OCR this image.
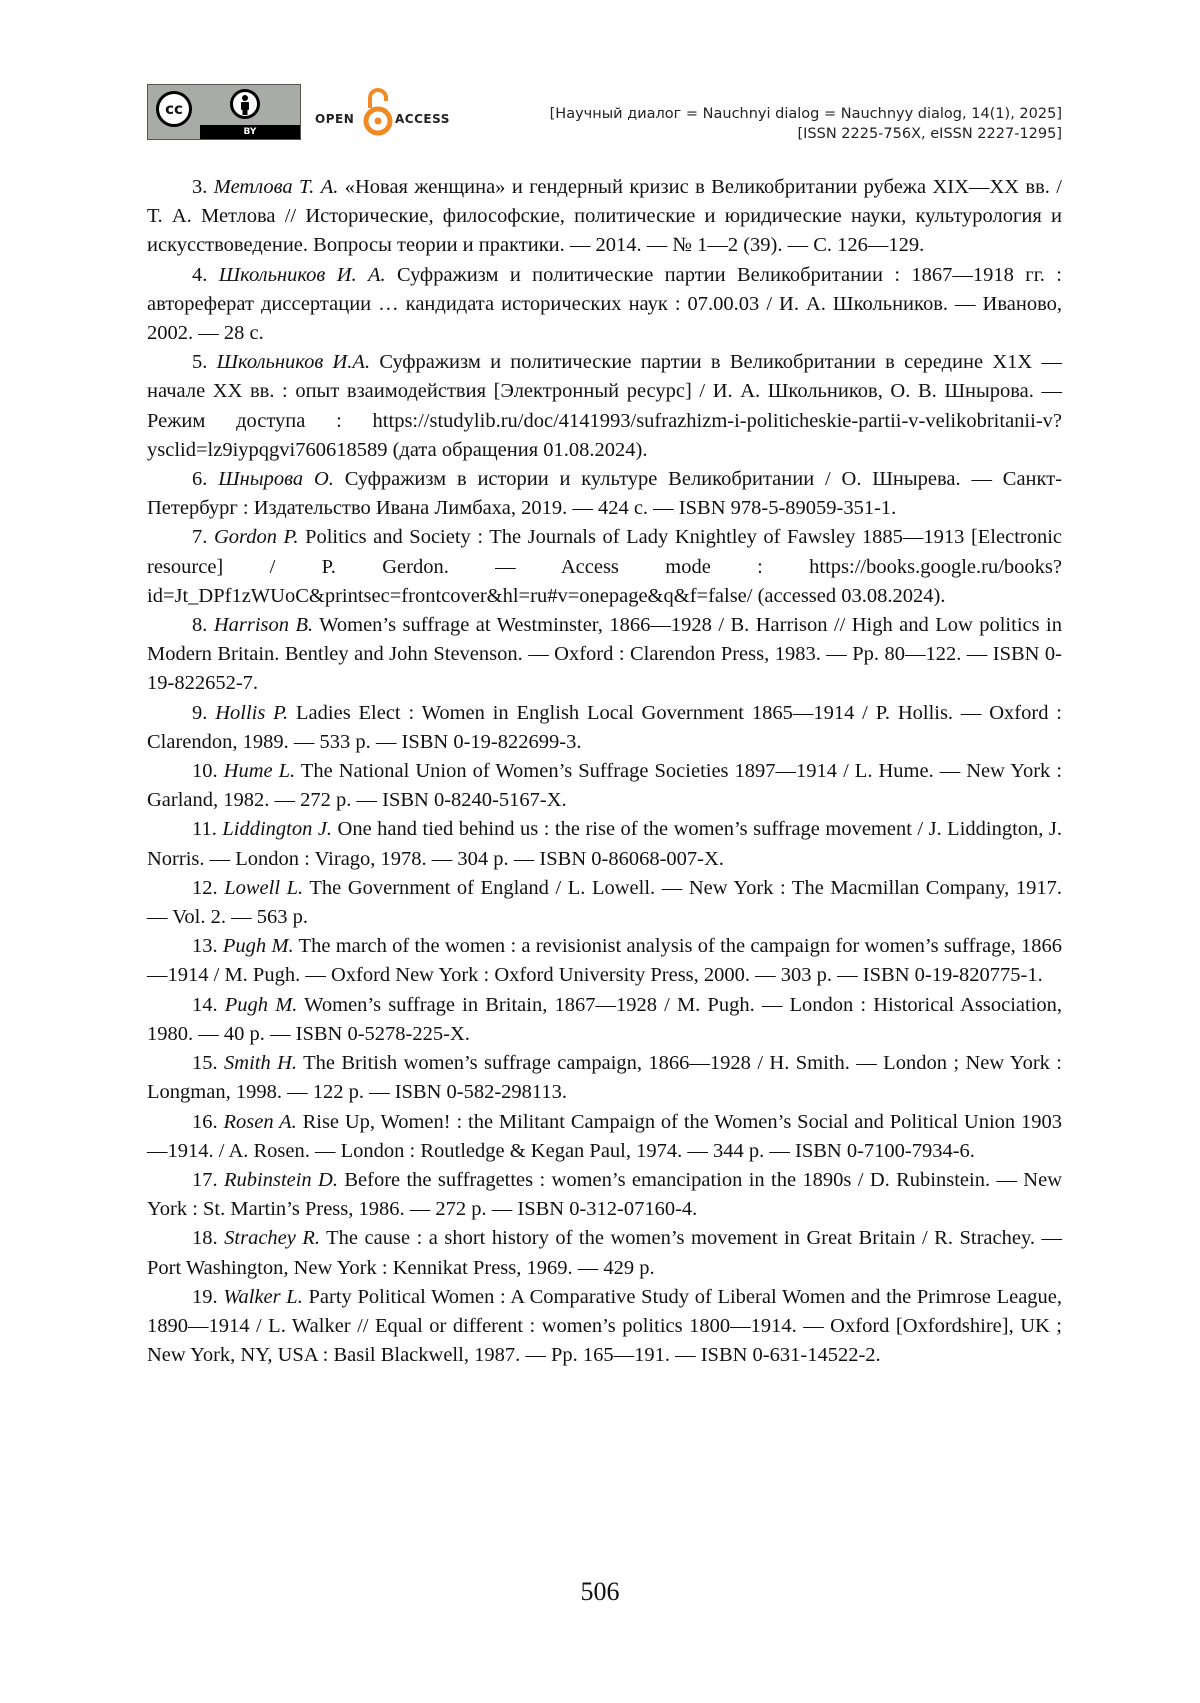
cc
BY
OPEN	ACCESS	[Научный диалог = Nauchnyi dialog = Nauchnyy dialog, 14(1), 2025]
[ISSN 2225-756X, eISSN 2227-1295]

3. Метлова Т. А. «Новая женщина» и гендерный кризис в Великобритании рубежа XIX—XX вв. / Т. А. Метлова // Исторические, философские, политические и юридические науки, культурология и искусствоведение. Вопросы теории и практики. — 2014. — № 1—2 (39). — С. 126—129.

4. Школьников И. А. Суфражизм и политические партии Великобритании : 1867—1918 гг. : автореферат диссертации … кандидата исторических наук : 07.00.03 / И. А. Школьников. — Иваново, 2002. — 28 с.

5. Школьников И.А. Суфражизм и политические партии в Великобритании в середине Х1Х — начале ХХ вв. : опыт взаимодействия [Электронный ресурс] / И. А. Школьников, О. В. Шнырова. — Режим доступа : https://studylib.ru/doc/4141993/sufrazhizm-i-politicheskie-partii-v-velikobritanii-v?ysclid=lz9iypqgvi760618589 (дата обращения 01.08.2024).

6. Шнырова О. Суфражизм в истории и культуре Великобритании / О. Шнырева. — Санкт-Петербург : Издательство Ивана Лимбаха, 2019. — 424 с. — ISBN 978-5-89059-351-1.

7. Gordon P. Politics and Society : The Journals of Lady Knightley of Fawsley 1885—1913 [Electronic resource] / P. Gerdon. — Access mode : https://books.google.ru/books?id=Jt_DPf1zWUoC&printsec=frontcover&hl=ru#v=onepage&q&f=false/ (accessed 03.08.2024).

8. Harrison B. Women’s suffrage at Westminster, 1866—1928 / B. Harrison // High and Low politics in Modern Britain. Bentley and John Stevenson. — Oxford : Clarendon Press, 1983. — Pp. 80—122. — ISBN 0-19-822652-7.

9. Hollis P. Ladies Elect : Women in English Local Government 1865—1914 / P. Hollis. — Oxford : Clarendon, 1989. — 533 p. — ISBN 0-19-822699-3.

10. Hume L. The National Union of Women’s Suffrage Societies 1897—1914 / L. Hume. — New York : Garland, 1982. — 272 p. — ISBN 0-8240-5167-X.

11. Liddington J. One hand tied behind us : the rise of the women’s suffrage movement / J. Liddington, J. Norris. — London : Virago, 1978. — 304 p. — ISBN 0-86068-007-X.

12. Lowell L. The Government of England / L. Lowell. — New York : The Macmillan Company, 1917. — Vol. 2. — 563 p.

13. Pugh M. The march of the women : a revisionist analysis of the campaign for women’s suffrage, 1866—1914 / M. Pugh. — Oxford New York : Oxford University Press, 2000. — 303 p. — ISBN 0-19-820775-1.

14. Pugh M. Women’s suffrage in Britain, 1867—1928 / M. Pugh. — London : Historical Association, 1980. — 40 p. — ISBN 0-5278-225-X.

15. Smith H. The British women’s suffrage campaign, 1866—1928 / H. Smith. — London ; New York : Longman, 1998. — 122 p. — ISBN 0-582-298113.

16. Rosen A. Rise Up, Women! : the Militant Campaign of the Women’s Social and Political Union 1903—1914. / A. Rosen. — London : Routledge & Kegan Paul, 1974. — 344 p. — ISBN 0-7100-7934-6.

17. Rubinstein D. Before the suffragettes : women’s emancipation in the 1890s / D. Rubinstein. — New York : St. Martin’s Press, 1986. — 272 p. — ISBN 0-312-07160-4.

18. Strachey R. The cause : a short history of the women’s movement in Great Britain / R. Strachey. — Port Washington, New York : Kennikat Press, 1969. — 429 p.

19. Walker L. Party Political Women : A Comparative Study of Liberal Women and the Primrose League, 1890—1914 / L. Walker // Equal or different : women’s politics 1800—1914. — Oxford [Oxfordshire], UK ; New York, NY, USA : Basil Blackwell, 1987. — Pp. 165—191. — ISBN 0-631-14522-2.

506
